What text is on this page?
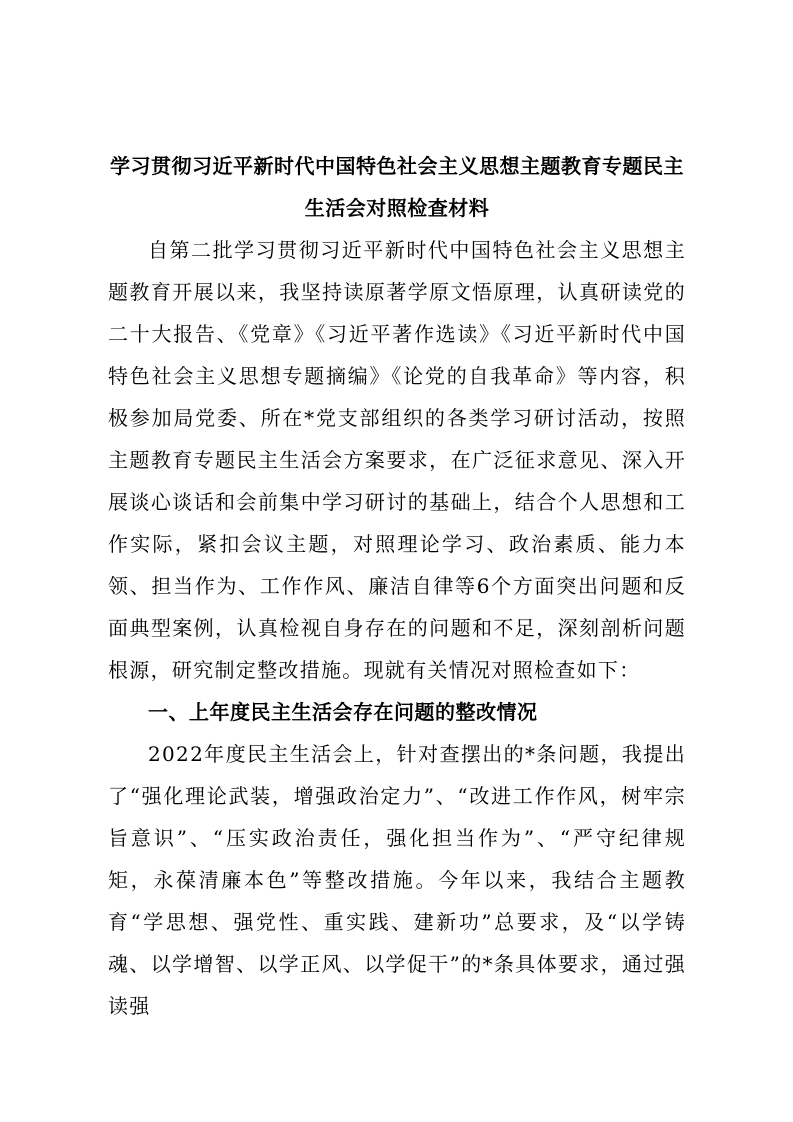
学习贯彻习近平新时代中国特色社会主义思想主题教育专题民主生活会对照检查材料

自第二批学习贯彻习近平新时代中国特色社会主义思想主题教育开展以来，我坚持读原著学原文悟原理，认真研读党的二十大报告、《党章》《习近平著作选读》《习近平新时代中国特色社会主义思想专题摘编》《论党的自我革命》等内容，积极参加局党委、所在*党支部组织的各类学习研讨活动，按照主题教育专题民主生活会方案要求，在广泛征求意见、深入开展谈心谈话和会前集中学习研讨的基础上，结合个人思想和工作实际，紧扣会议主题，对照理论学习、政治素质、能力本领、担当作为、工作作风、廉洁自律等6个方面突出问题和反面典型案例，认真检视自身存在的问题和不足，深刻剖析问题根源，研究制定整改措施。现就有关情况对照检查如下：

一、上年度民主生活会存在问题的整改情况

2022年度民主生活会上，针对查摆出的*条问题，我提出了“强化理论武装，增强政治定力”、“改进工作作风，树牢宗旨意识”、“压实政治责任，强化担当作为”、“严守纪律规矩，永葆清廉本色”等整改措施。今年以来，我结合主题教育“学思想、强党性、重实践、建新功”总要求，及“以学铸魂、以学增智、以学正风、以学促干”的*条具体要求，通过强读强
